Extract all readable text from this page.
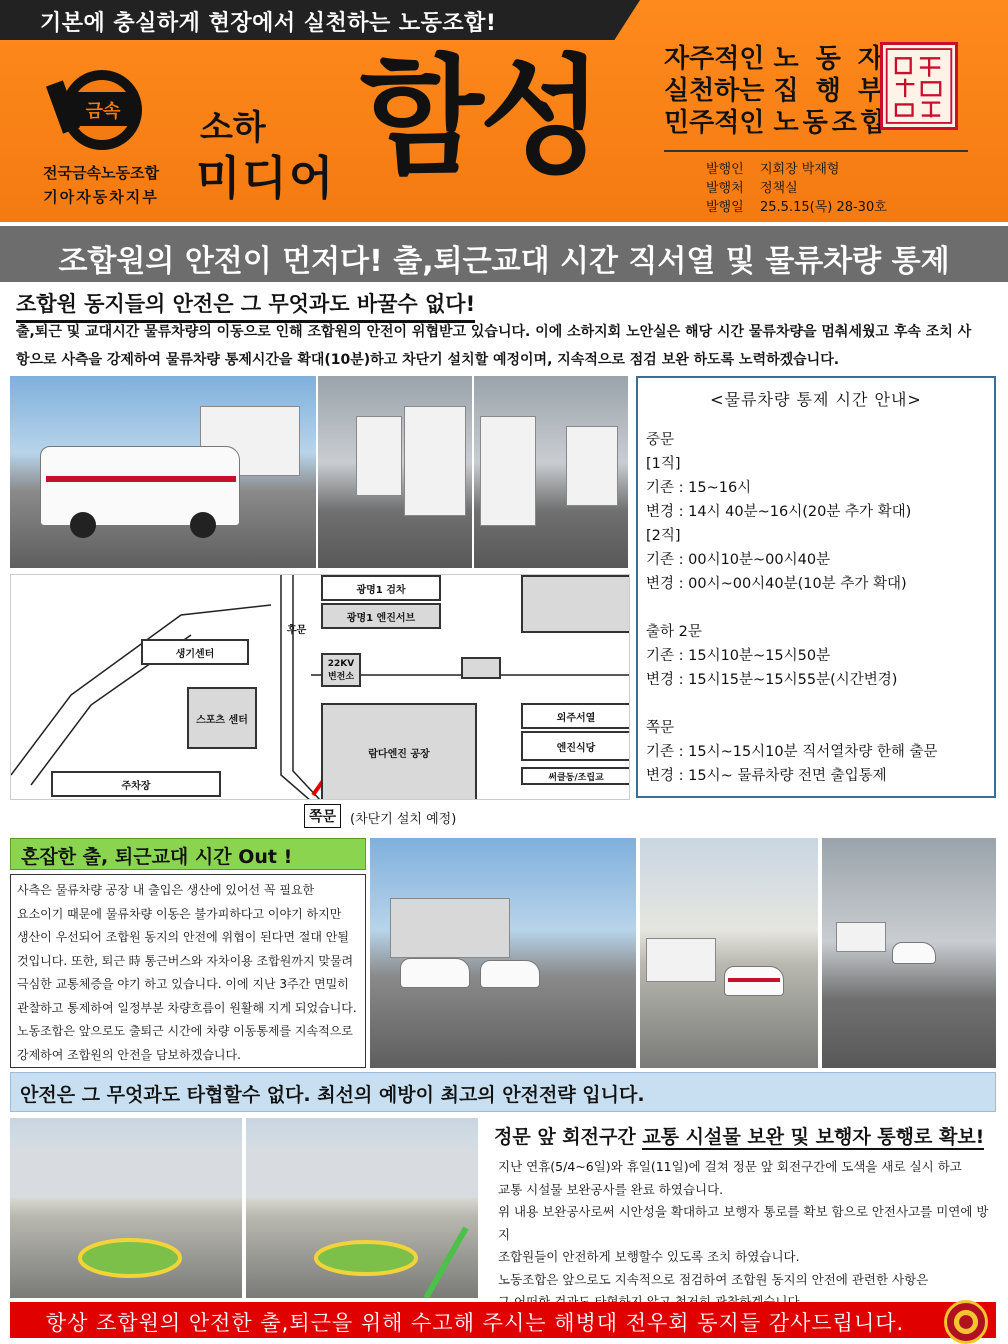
기본에 충실하게 현장에서 실천하는 노동조합!
금속
전국금속노동조합
기아자동차지부
소하
미디어 함성 자주적인 노 동 자
실천하는 집 행 부
민주적인 노동조합
발행인 지회장 박재형
발행처 정책실
발행일 25.5.15(목) 28-30호
조합원의 안전이 먼저다! 출,퇴근교대 시간 직서열 및 물류차량 통제
조합원 동지들의 안전은 그 무엇과도 바꿀수 없다!
출,퇴근 및 교대시간 물류차량의 이동으로 인해 조합원의 안전이 위협받고 있습니다. 이에 소하지회 노안실은 해당 시간 물류차량을 멈춰세웠고 후속 조치 사
항으로 사측을 강제하여 물류차량 통제시간을 확대(10분)하고 차단기 설치할 예정이며, 지속적으로 점검 보완 하도록 노력하겠습니다.
광명1 검차
광명1 엔진서브
후문
생기센터
22KV 변전소
스포츠 센터
람다엔진 공장
외주서열
엔진식당
써클동/조립교
주차장
쪽문	(차단기 설치 예정)
<물류차량 통제 시간 안내>
중문
[1직]
기존 : 15~16시
변경 : 14시 40분~16시(20분 추가 확대)
[2직]
기존 : 00시10분~00시40분
변경 : 00시~00시40분(10분 추가 확대)
출하 2문
기존 : 15시10분~15시50분
변경 : 15시15분~15시55분(시간변경)
쪽문
기존 : 15시~15시10분 직서열차량 한해 출문
변경 : 15시~ 물류차량 전면 출입통제
혼잡한 출, 퇴근교대 시간 Out !
사측은 물류차량 공장 내 출입은 생산에 있어선 꼭 필요한
요소이기 때문에 물류차량 이동은 불가피하다고 이야기 하지만
생산이 우선되어 조합원 동지의 안전에 위협이 된다면 절대 안될
것입니다. 또한, 퇴근 時 통근버스와 자차이용 조합원까지 맞물려
극심한 교통체증을 야기 하고 있습니다. 이에 지난 3주간 면밀히
관찰하고 통제하여 일정부분 차량흐름이 원활해 지게 되었습니다.
노동조합은 앞으로도 출퇴근 시간에 차량 이동통제를 지속적으로
강제하여 조합원의 안전을 담보하겠습니다.
안전은 그 무엇과도 타협할수 없다. 최선의 예방이 최고의 안전전략 입니다.
정문 앞 회전구간 교통 시설물 보완 및 보행자 통행로 확보!
지난 연휴(5/4~6일)와 휴일(11일)에 걸쳐 정문 앞 회전구간에 도색을 새로 실시 하고
교통 시설물 보완공사를 완료 하였습니다.
위 내용 보완공사로써 시안성을 확대하고 보행자 통로를 확보 함으로 안전사고를 미연에 방지
조합원들이 안전하게 보행할수 있도록 조치 하였습니다.
노동조합은 앞으로도 지속적으로 점검하여 조합원 동지의 안전에 관련한 사항은
항상 조합원의 안전한 출,퇴근을 위해 수고해 주시는 해병대 전우회 동지들 감사드립니다.
